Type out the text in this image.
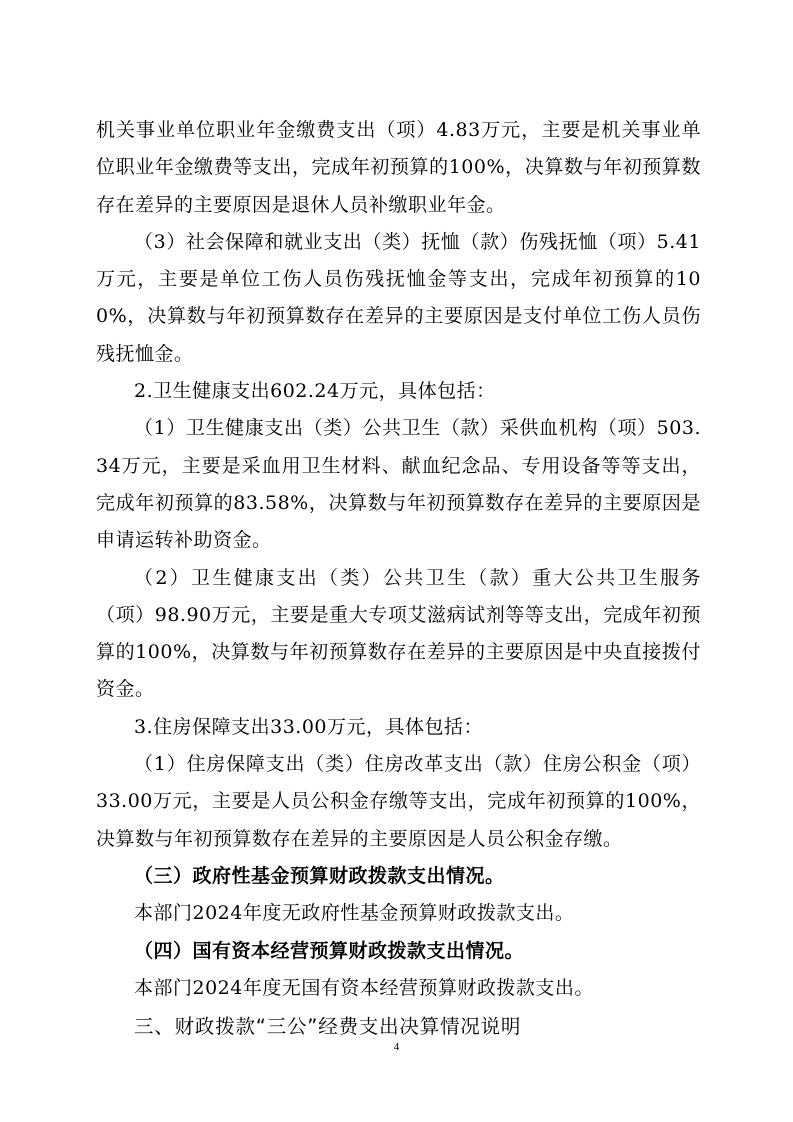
机关事业单位职业年金缴费支出（项）4.83万元，主要是机关事业单位职业年金缴费等支出，完成年初预算的100%，决算数与年初预算数存在差异的主要原因是退休人员补缴职业年金。

（3）社会保障和就业支出（类）抚恤（款）伤残抚恤（项）5.41万元，主要是单位工伤人员伤残抚恤金等支出，完成年初预算的100%，决算数与年初预算数存在差异的主要原因是支付单位工伤人员伤残抚恤金。

2.卫生健康支出602.24万元，具体包括：

（1）卫生健康支出（类）公共卫生（款）采供血机构（项）503.34万元，主要是采血用卫生材料、献血纪念品、专用设备等等支出，完成年初预算的83.58%，决算数与年初预算数存在差异的主要原因是申请运转补助资金。

（2）卫生健康支出（类）公共卫生（款）重大公共卫生服务（项）98.90万元，主要是重大专项艾滋病试剂等等支出，完成年初预算的100%，决算数与年初预算数存在差异的主要原因是中央直接拨付资金。

3.住房保障支出33.00万元，具体包括：

（1）住房保障支出（类）住房改革支出（款）住房公积金（项）33.00万元，主要是人员公积金存缴等支出，完成年初预算的100%，决算数与年初预算数存在差异的主要原因是人员公积金存缴。

（三）政府性基金预算财政拨款支出情况。

本部门2024年度无政府性基金预算财政拨款支出。

（四）国有资本经营预算财政拨款支出情况。

本部门2024年度无国有资本经营预算财政拨款支出。

三、财政拨款“三公”经费支出决算情况说明

4
